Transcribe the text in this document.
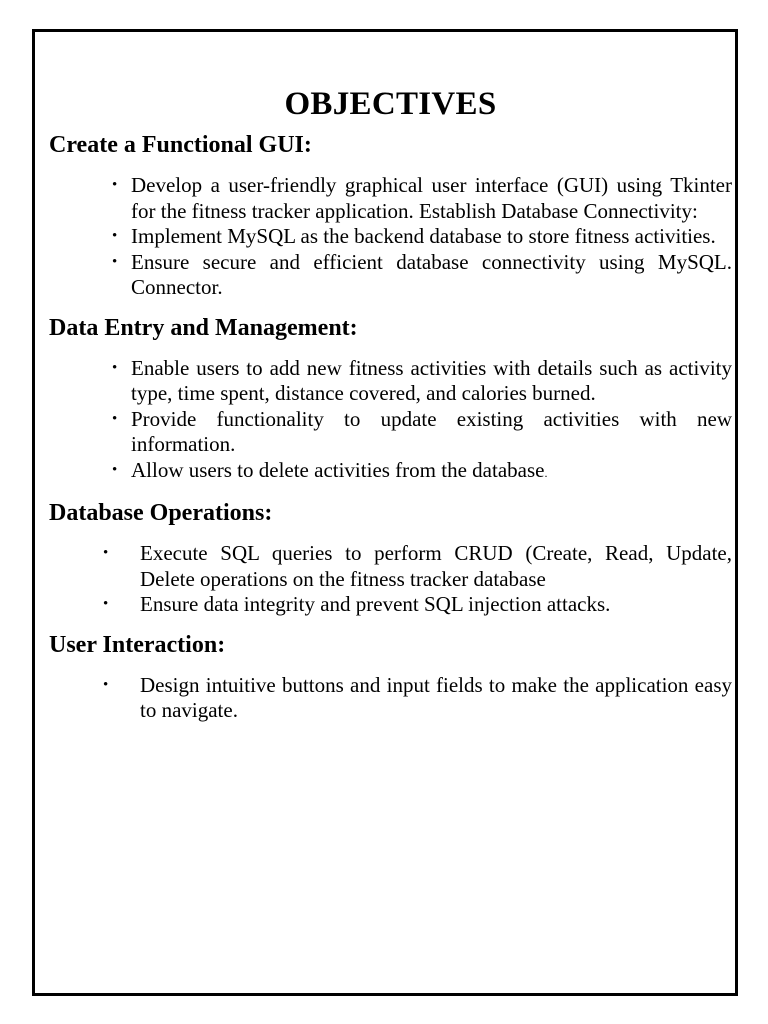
OBJECTIVES
Create a Functional GUI:
• Develop a user-friendly graphical user interface (GUI) using Tkinter for the fitness tracker application. Establish Database Connectivity:
• Implement MySQL as the backend database to store fitness activities.
• Ensure secure and efficient database connectivity using MySQL. Connector.
Data Entry and Management:
• Enable users to add new fitness activities with details such as activity type, time spent, distance covered, and calories burned.
• Provide functionality to update existing activities with new information.
• Allow users to delete activities from the database.
Database Operations:
• Execute SQL queries to perform CRUD (Create, Read, Update, Delete operations on the fitness tracker database
• Ensure data integrity and prevent SQL injection attacks.
User Interaction:
• Design intuitive buttons and input fields to make the application easy to navigate.
